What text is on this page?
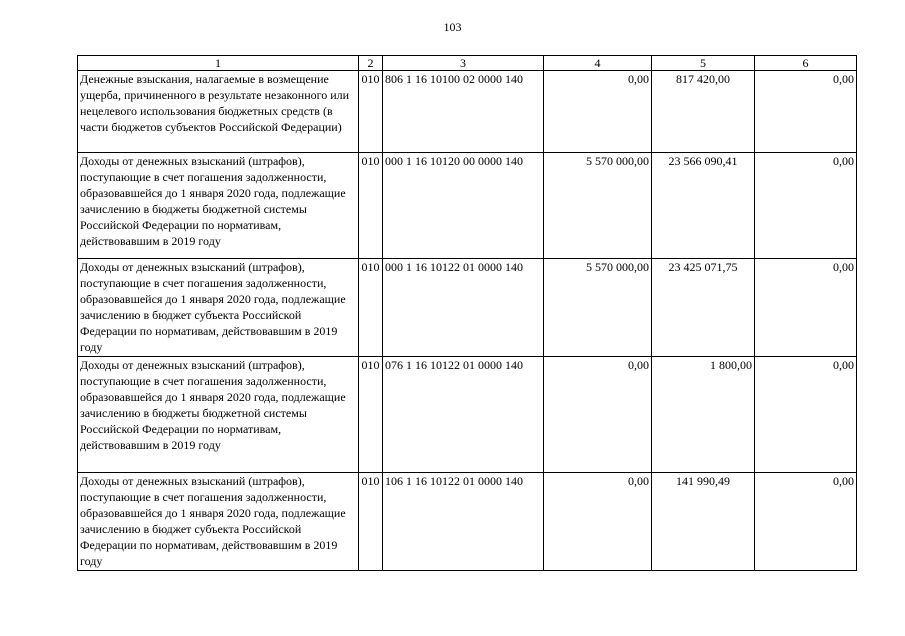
103
1	2	3	4	5	6
Денежные взыскания, налагаемые в возмещение ущерба, причиненного в результате незаконного или нецелевого использования бюджетных средств (в части бюджетов субъектов Российской Федерации)	010	806 1 16 10100 02 0000 140	0,00	817 420,00	0,00
Доходы от денежных взысканий (штрафов), поступающие в счет погашения задолженности, образовавшейся до 1 января 2020 года, подлежащие зачислению в бюджеты бюджетной системы Российской Федерации по нормативам, действовавшим в 2019 году	010	000 1 16 10120 00 0000 140	5 570 000,00	23 566 090,41	0,00
Доходы от денежных взысканий (штрафов), поступающие в счет погашения задолженности, образовавшейся до 1 января 2020 года, подлежащие зачислению в бюджет субъекта Российской Федерации по нормативам, действовавшим в 2019 году	010	000 1 16 10122 01 0000 140	5 570 000,00	23 425 071,75	0,00
Доходы от денежных взысканий (штрафов), поступающие в счет погашения задолженности, образовавшейся до 1 января 2020 года, подлежащие зачислению в бюджеты бюджетной системы Российской Федерации по нормативам, действовавшим в 2019 году	010	076 1 16 10122 01 0000 140	0,00	1 800,00	0,00
Доходы от денежных взысканий (штрафов), поступающие в счет погашения задолженности, образовавшейся до 1 января 2020 года, подлежащие зачислению в бюджет субъекта Российской Федерации по нормативам, действовавшим в 2019 году	010	106 1 16 10122 01 0000 140	0,00	141 990,49	0,00
